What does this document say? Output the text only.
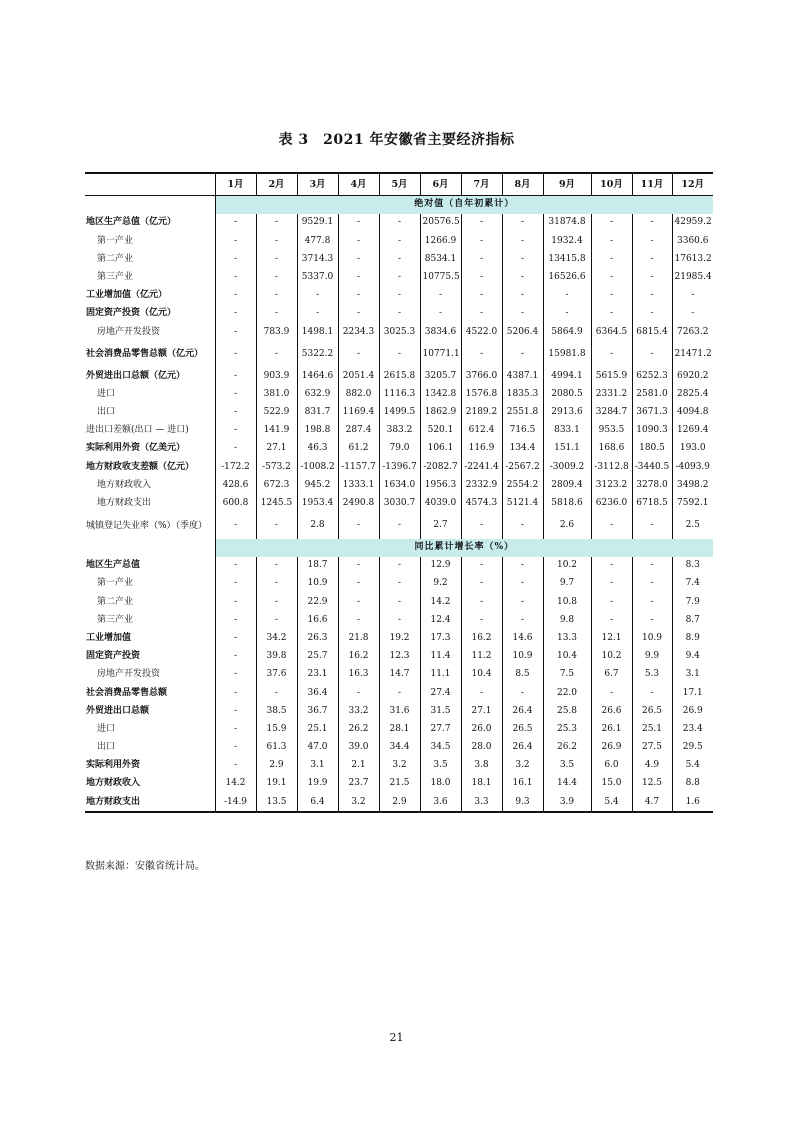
表 3　2021 年安徽省主要经济指标
	1月	2月	3月	4月	5月	6月	7月	8月	9月	10月	11月	12月
	绝对值（自年初累计）											
地区生产总值（亿元）	-	-	9529.1	-	-	20576.5	-	-	31874.8	-	-	42959.2
第一产业	-	-	477.8	-	-	1266.9	-	-	1932.4	-	-	3360.6
第二产业	-	-	3714.3	-	-	8534.1	-	-	13415.8	-	-	17613.2
第三产业	-	-	5337.0	-	-	10775.5	-	-	16526.6	-	-	21985.4
工业增加值（亿元）	-	-	-	-	-	-	-	-	-	-	-	-
固定资产投资（亿元）	-	-	-	-	-	-	-	-	-	-	-	-
房地产开发投资	-	783.9	1498.1	2234.3	3025.3	3834.6	4522.0	5206.4	5864.9	6364.5	6815.4	7263.2
社会消费品零售总额（亿元）	-	-	5322.2	-	-	10771.1	-	-	15981.8	-	-	21471.2
外贸进出口总额（亿元）	-	903.9	1464.6	2051.4	2615.8	3205.7	3766.0	4387.1	4994.1	5615.9	6252.3	6920.2
进口	-	381.0	632.9	882.0	1116.3	1342.8	1576.8	1835.3	2080.5	2331.2	2581.0	2825.4
出口	-	522.9	831.7	1169.4	1499.5	1862.9	2189.2	2551.8	2913.6	3284.7	3671.3	4094.8
进出口差额(出口 — 进口)	-	141.9	198.8	287.4	383.2	520.1	612.4	716.5	833.1	953.5	1090.3	1269.4
实际利用外资（亿美元）	-	27.1	46.3	61.2	79.0	106.1	116.9	134.4	151.1	168.6	180.5	193.0
地方财政收支差额（亿元）	-172.2	-573.2	-1008.2	-1157.7	-1396.7	-2082.7	-2241.4	-2567.2	-3009.2	-3112.8	-3440.5	-4093.9
地方财政收入	428.6	672.3	945.2	1333.1	1634.0	1956.3	2332.9	2554.2	2809.4	3123.2	3278.0	3498.2
地方财政支出	600.8	1245.5	1953.4	2490.8	3030.7	4039.0	4574.3	5121.4	5818.6	6236.0	6718.5	7592.1
城镇登记失业率（%）（季度）	-	-	2.8	-	-	2.7	-	-	2.6	-	-	2.5
	同比累计增长率（%）											
地区生产总值	-	-	18.7	-	-	12.9	-	-	10.2	-	-	8.3
第一产业	-	-	10.9	-	-	9.2	-	-	9.7	-	-	7.4
第二产业	-	-	22.9	-	-	14.2	-	-	10.8	-	-	7.9
第三产业	-	-	16.6	-	-	12.4	-	-	9.8	-	-	8.7
工业增加值	-	34.2	26.3	21.8	19.2	17.3	16.2	14.6	13.3	12.1	10.9	8.9
固定资产投资	-	39.8	25.7	16.2	12.3	11.4	11.2	10.9	10.4	10.2	9.9	9.4
房地产开发投资	-	37.6	23.1	16.3	14.7	11.1	10.4	8.5	7.5	6.7	5.3	3.1
社会消费品零售总额	-	-	36.4	-	-	27.4	-	-	22.0	-	-	17.1
外贸进出口总额	-	38.5	36.7	33.2	31.6	31.5	27.1	26.4	25.8	26.6	26.5	26.9
进口	-	15.9	25.1	26.2	28.1	27.7	26.0	26.5	25.3	26.1	25.1	23.4
出口	-	61.3	47.0	39.0	34.4	34.5	28.0	26.4	26.2	26.9	27.5	29.5
实际利用外资	-	2.9	3.1	2.1	3.2	3.5	3.8	3.2	3.5	6.0	4.9	5.4
地方财政收入	14.2	19.1	19.9	23.7	21.5	18.0	18.1	16.1	14.4	15.0	12.5	8.8
地方财政支出	-14.9	13.5	6.4	3.2	2.9	3.6	3.3	9.3	3.9	5.4	4.7	1.6
数据来源：安徽省统计局。
21
